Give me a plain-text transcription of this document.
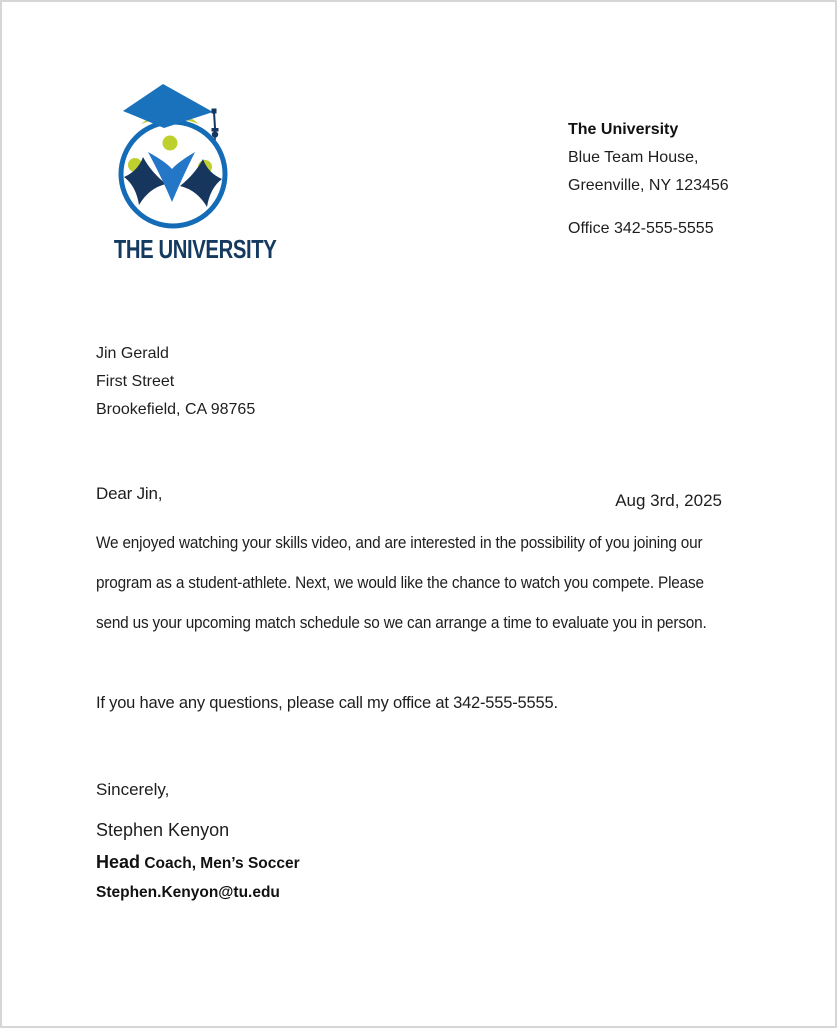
THE UNIVERSITY
The University
Blue Team House,
Greenville, NY 123456
Office 342-555-5555
Jin Gerald
First Street
Brookefield, CA 98765
Dear Jin,	Aug 3rd, 2025
We enjoyed watching your skills video, and are interested in the possibility of you joining our
program as a student-athlete. Next, we would like the chance to watch you compete. Please
send us your upcoming match schedule so we can arrange a time to evaluate you in person.
If you have any questions, please call my office at 342-555-5555.
Sincerely,
Stephen Kenyon
Head Coach, Men’s Soccer
Stephen.Kenyon@tu.edu
